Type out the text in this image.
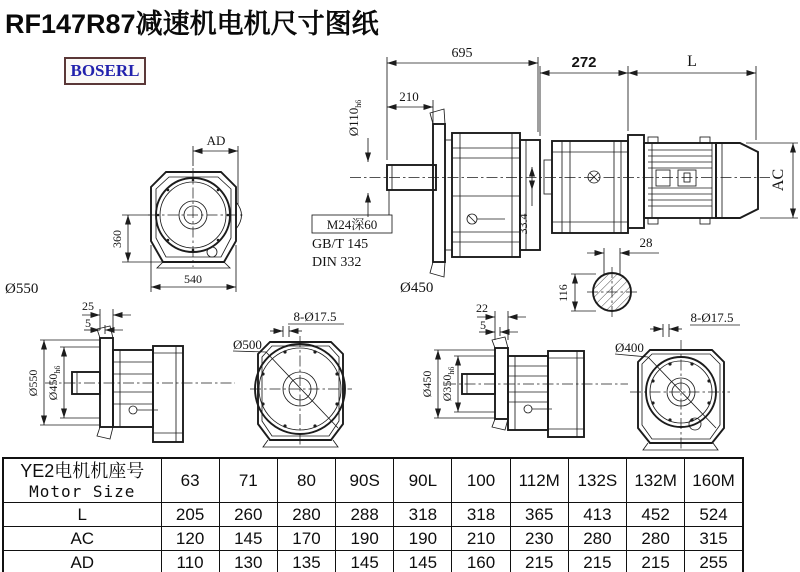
RF147R87减速机电机尺寸图纸
BOSERL
AD
360
540
Ø550
33.4
695
210
$Ø110_{h6}$
M24深60
GB/T 145
DIN 332
Ø450
272	L
AC
28
116
25
5
Ø550 $Ø450_{h6}$
Ø500
8-Ø17.5
22
5
Ø450 $Ø350_{h6}$
Ø400
8-Ø17.5
YE2电机机座号
Motor Size	63	71	80	90S	90L	100	112M	132S	132M	160M
L	205	260	280	288	318	318	365	413	452	524
AC	120	145	170	190	190	210	230	280	280	315
AD	110	130	135	145	145	160	215	215	215	255
